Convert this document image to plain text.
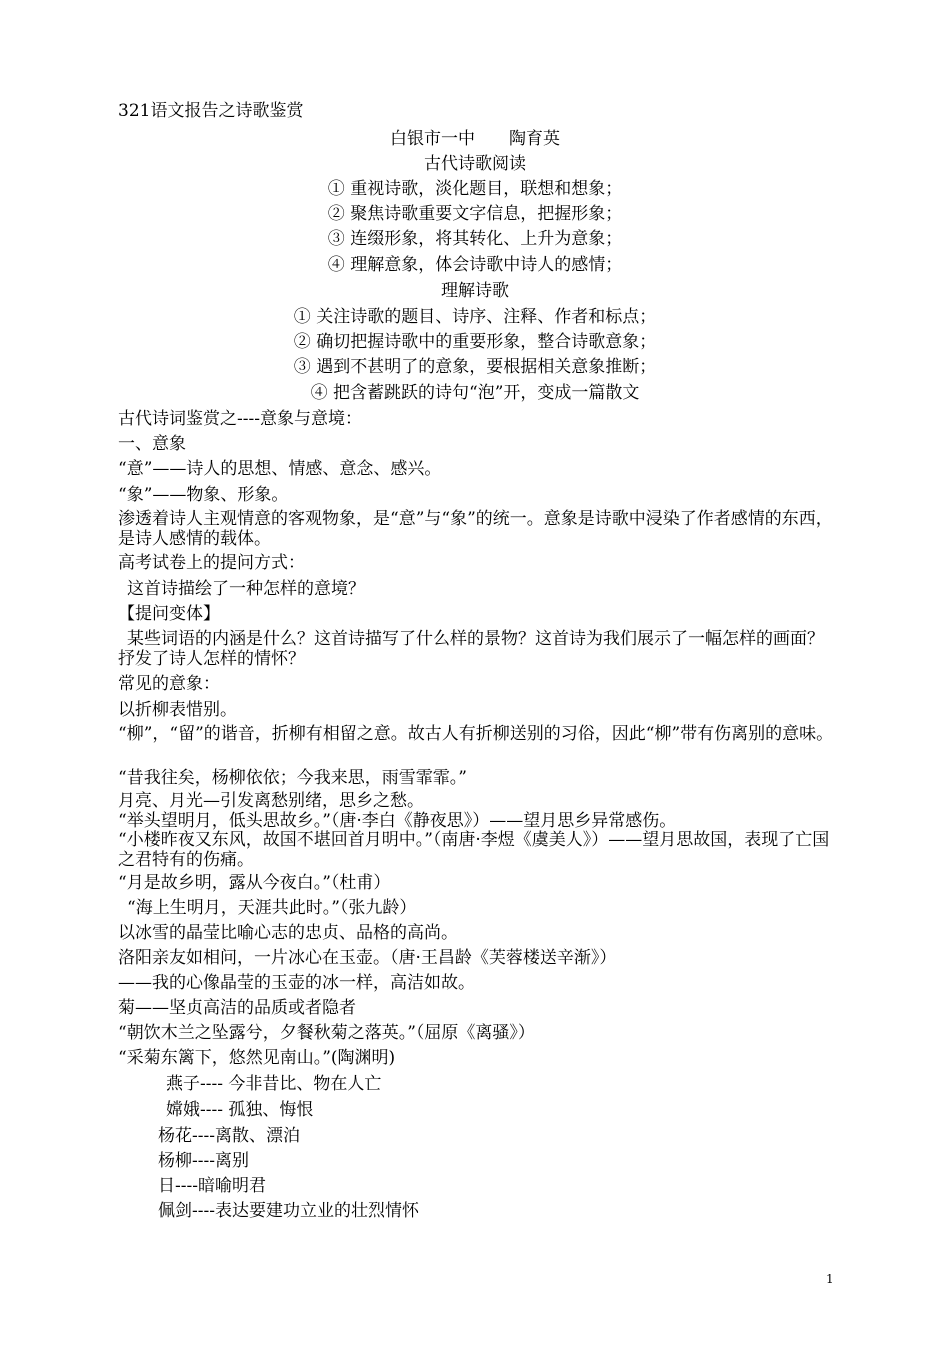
321语文报告之诗歌鉴赏
白银市一中　　陶育英
古代诗歌阅读
① 重视诗歌，淡化题目，联想和想象；
② 聚焦诗歌重要文字信息，把握形象；
③ 连缀形象，将其转化、上升为意象；
④ 理解意象，体会诗歌中诗人的感情；
理解诗歌
① 关注诗歌的题目、诗序、注释、作者和标点；
② 确切把握诗歌中的重要形象，整合诗歌意象；
③ 遇到不甚明了的意象，要根据相关意象推断；
④ 把含蓄跳跃的诗句“泡”开，变成一篇散文
古代诗词鉴赏之----意象与意境：
一、意象
“意”——诗人的思想、情感、意念、感兴。
“象”——物象、形象。
渗透着诗人主观情意的客观物象，是“意”与“象”的统一。意象是诗歌中浸染了作者感情的东西，是诗人感情的载体。
高考试卷上的提问方式：
这首诗描绘了一种怎样的意境？
【提问变体】
某些词语的内涵是什么？这首诗描写了什么样的景物？这首诗为我们展示了一幅怎样的画面？抒发了诗人怎样的情怀？
常见的意象：
以折柳表惜别。
“柳”，“留”的谐音，折柳有相留之意。故古人有折柳送别的习俗，因此“柳”带有伤离别的意味。
“昔我往矣，杨柳依依；今我来思，雨雪霏霏。”
月亮、月光—引发离愁别绪，思乡之愁。
“举头望明月，低头思故乡。”（唐·李白《静夜思》）——望月思乡异常感伤。
“小楼昨夜又东风，故国不堪回首月明中。”（南唐·李煜《虞美人》）——望月思故国，表现了亡国之君特有的伤痛。
“月是故乡明，露从今夜白。”（杜甫）
“海上生明月，天涯共此时。”（张九龄）
以冰雪的晶莹比喻心志的忠贞、品格的高尚。
洛阳亲友如相问，一片冰心在玉壶。（唐·王昌龄《芙蓉楼送辛渐》）
——我的心像晶莹的玉壶的冰一样，高洁如故。
菊——坚贞高洁的品质或者隐者
“朝饮木兰之坠露兮，夕餐秋菊之落英。”（屈原《离骚》）
“采菊东篱下，悠然见南山。”(陶渊明)
燕子---- 今非昔比、物在人亡
嫦娥---- 孤独、悔恨
杨花----离散、漂泊
杨柳----离别
日----暗喻明君
佩剑----表达要建功立业的壮烈情怀
1
